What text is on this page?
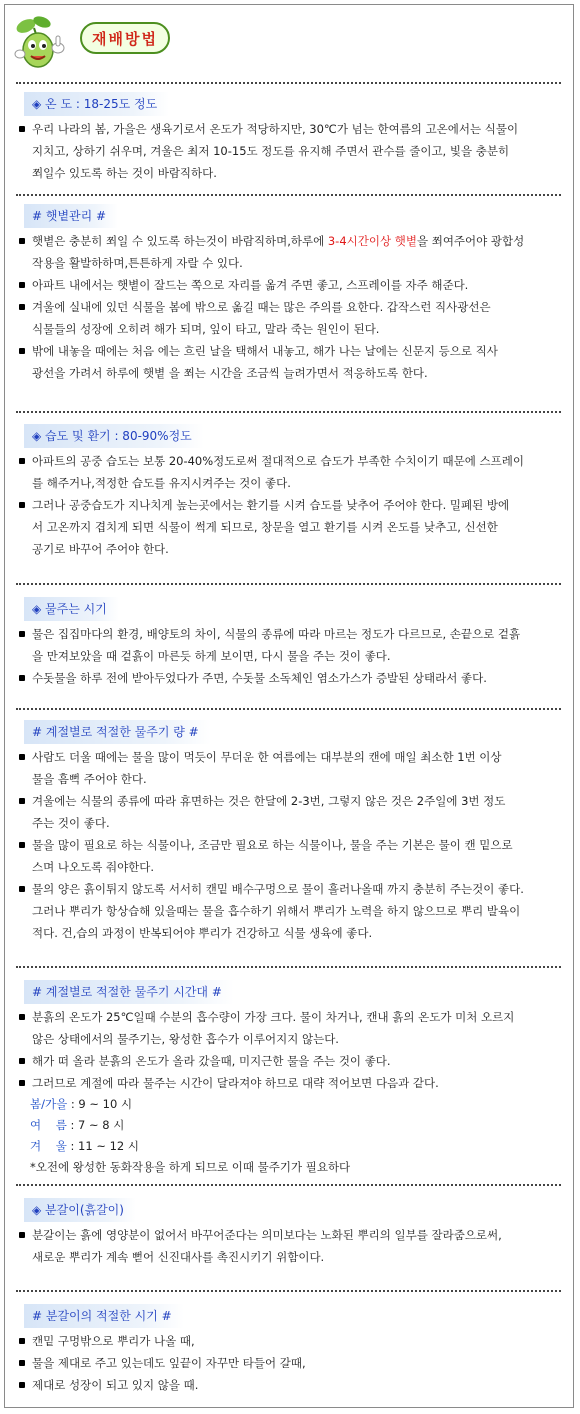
재배방법
◈ 온 도 : 18-25도 정도
우리 나라의 봄, 가을은 생육기로서 온도가 적당하지만, 30℃가 넘는 한여름의 고온에서는 식물이
지치고, 상하기 쉬우며, 겨울은 최저 10-15도 정도를 유지해 주면서 관수를 줄이고, 빛을 충분히
쬐일수 있도록 하는 것이 바람직하다.
# 햇볕관리 #
햇볕은 충분히 쬐일 수 있도록 하는것이 바람직하며,하루에 3-4시간이상 햇볕을 쬐여주어야 광합성
작용을 활발하하며,튼튼하게 자랄 수 있다.
아파트 내에서는 햇볕이 잘드는 쪽으로 자리를 옮겨 주면 좋고, 스프레이를 자주 해준다.
겨울에 실내에 있던 식물을 봄에 밖으로 옮길 때는 많은 주의를 요한다. 갑작스런 직사광선은
식물들의 성장에 오히려 해가 되며, 잎이 타고, 말라 죽는 원인이 된다.
밖에 내놓을 때에는 처음 에는 흐린 날을 택해서 내놓고, 해가 나는 날에는 신문지 등으로 직사
광선을 가려서 하루에 햇볕 을 쬐는 시간을 조금씩 늘려가면서 적응하도록 한다.
◈ 습도 및 환기 : 80-90%정도
아파트의 공중 습도는 보통 20-40%정도로써 절대적으로 습도가 부족한 수치이기 때문에 스프레이
를 해주거나,적정한 습도를 유지시켜주는 것이 좋다.
그러나 공중습도가 지나치게 높는곳에서는 환기를 시켜 습도를 낮추어 주어야 한다. 밀폐된 방에
서 고온까지 겹치게 되면 식물이 썩게 되므로, 창문을 열고 환기를 시켜 온도를 낮추고, 신선한
공기로 바꾸어 주어야 한다.
◈ 물주는 시기
물은 집집마다의 환경, 배양토의 차이, 식물의 종류에 따라 마르는 정도가 다르므로, 손끝으로 겉흙
을 만져보았을 때 겉흙이 마른듯 하게 보이면, 다시 물을 주는 것이 좋다.
수돗물을 하루 전에 받아두었다가 주면, 수돗물 소독체인 염소가스가 증발된 상태라서 좋다.
# 계절별로 적절한 물주기 량 #
사람도 더울 때에는 물을 많이 먹듯이 무더운 한 여름에는 대부분의 캔에 매일 최소한 1번 이상
물을 흠뻑 주어야 한다.
겨울에는 식물의 종류에 따라 휴면하는 것은 한달에 2-3번, 그렇지 않은 것은 2주일에 3번 정도
주는 것이 좋다.
물을 많이 필요로 하는 식물이나, 조금만 필요로 하는 식물이나, 물을 주는 기본은 물이 캔 밑으로
스며 나오도록 줘야한다.
물의 양은 흙이튀지 않도록 서서히 캔밑 배수구멍으로 물이 흘러나올때 까지 충분히 주는것이 좋다.
그러나 뿌리가 항상습해 있을때는 물을 흡수하기 위해서 뿌리가 노력을 하지 않으므로 뿌리 발육이
적다. 건,습의 과정이 반복되어야 뿌리가 건강하고 식물 생육에 좋다.
# 계절별로 적절한 물주기 시간대 #
분흙의 온도가 25℃일때 수분의 흡수량이 가장 크다. 물이 차거나, 캔내 흙의 온도가 미처 오르지
않은 상태에서의 물주기는, 왕성한 흡수가 이루어지지 않는다.
해가 떠 올라 분흙의 온도가 올라 갔을때, 미지근한 물을 주는 것이 좋다.
그러므로 계절에 따라 물주는 시간이 달라져야 하므로 대략 적어보면 다음과 같다.
봄/가을 : 9 ~ 10 시
여    름 : 7 ~ 8 시
겨    울 : 11 ~ 12 시
*오전에 왕성한 동화작용을 하게 되므로 이때 물주기가 필요하다
◈ 분갈이(흙갈이)
분갈이는 흙에 영양분이 없어서 바꾸어준다는 의미보다는 노화된 뿌리의 일부를 잘라줌으로써,
새로운 뿌리가 계속 뻗어 신진대사를 촉진시키기 위함이다.
# 분갈이의 적절한 시기 #
캔밑 구멍밖으로 뿌리가 나올 때,
물을 제대로 주고 있는데도 잎끝이 자꾸만 타들어 갈때,
제대로 성장이 되고 있지 않을 때.
